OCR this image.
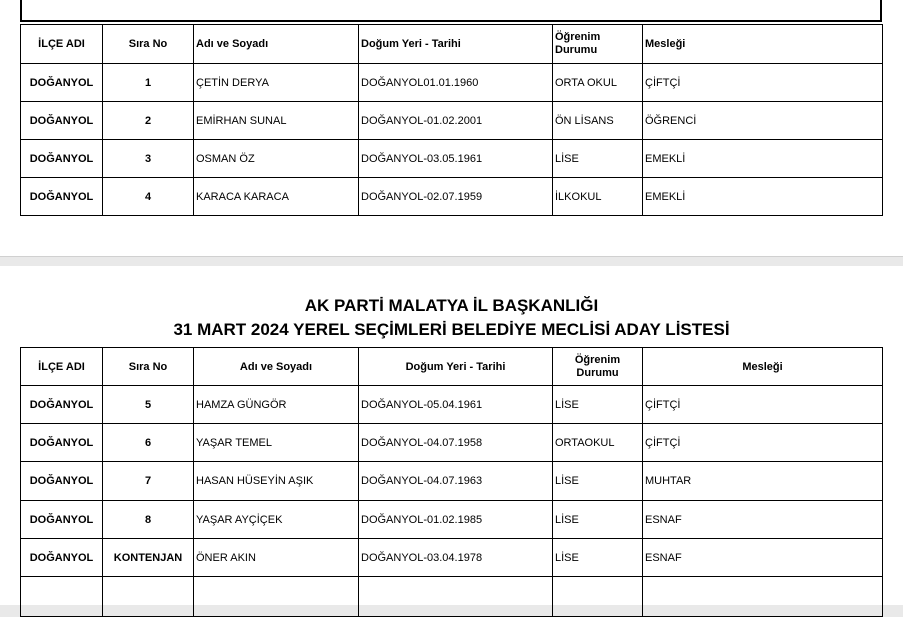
İLÇE ADI	Sıra No	Adı ve Soyadı	Doğum Yeri - Tarihi	Öğrenim Durumu	Mesleği
DOĞANYOL	1	ÇETİN DERYA	DOĞANYOL01.01.1960	ORTA OKUL	ÇİFTÇİ
DOĞANYOL	2	EMİRHAN SUNAL	DOĞANYOL-01.02.2001	ÖN LİSANS	ÖĞRENCİ
DOĞANYOL	3	OSMAN ÖZ	DOĞANYOL-03.05.1961	LİSE	EMEKLİ
DOĞANYOL	4	KARACA KARACA	DOĞANYOL-02.07.1959	İLKOKUL	EMEKLİ
AK PARTİ MALATYA İL BAŞKANLIĞI
31 MART 2024 YEREL SEÇİMLERİ BELEDİYE MECLİSİ ADAY LİSTESİ
İLÇE ADI	Sıra No	Adı ve Soyadı	Doğum Yeri - Tarihi	Öğrenim Durumu	Mesleği
DOĞANYOL	5	HAMZA GÜNGÖR	DOĞANYOL-05.04.1961	LİSE	ÇİFTÇİ
DOĞANYOL	6	YAŞAR TEMEL	DOĞANYOL-04.07.1958	ORTAOKUL	ÇİFTÇİ
DOĞANYOL	7	HASAN HÜSEYİN AŞIK	DOĞANYOL-04.07.1963	LİSE	MUHTAR
DOĞANYOL	8	YAŞAR AYÇİÇEK	DOĞANYOL-01.02.1985	LİSE	ESNAF
DOĞANYOL	KONTENJAN	ÖNER AKIN	DOĞANYOL-03.04.1978	LİSE	ESNAF
